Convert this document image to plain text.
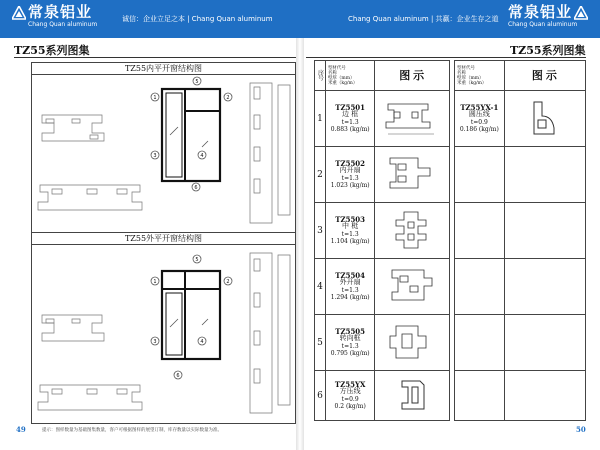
常泉铝业
Chang Quan aluminum
诚信：企业立足之本 | Chang Quan aluminum	Chang Quan aluminum | 共赢：企业生存之道 常泉铝业
Chang Quan aluminum
TZ55系列图集
TZ55内平开窗结构图
1
5
2
3	4
6
TZ55外平开窗结构图
1
5
2
3	4
6
49	提示：图样数量为基础图集数量，客户可根据图样的展望订制，库存数量以实际数量为准。
TZ55系列图集
序号	型材代号
名称
壁厚（mm）
米重（kg/m）	图示
1	TZ5501
边 框
t=1.3
0.883 (kg/m)

2	TZ5502
内开扇
t=1.3
1.023 (kg/m)

3	TZ5503
中 梃
t=1.3
1.104 (kg/m)

4	TZ5504
外开扇
t=1.3
1.294 (kg/m)

5	TZ5505
转向框
t=1.3
0.795 (kg/m)

6	TZ55YX
方压线
t=0.9
0.2 (kg/m)

型材代号
名称
壁厚（mm）
米重（kg/m）	图示

TZ55YX-1
圆压线
t=0.9
0.186 (kg/m)

50
